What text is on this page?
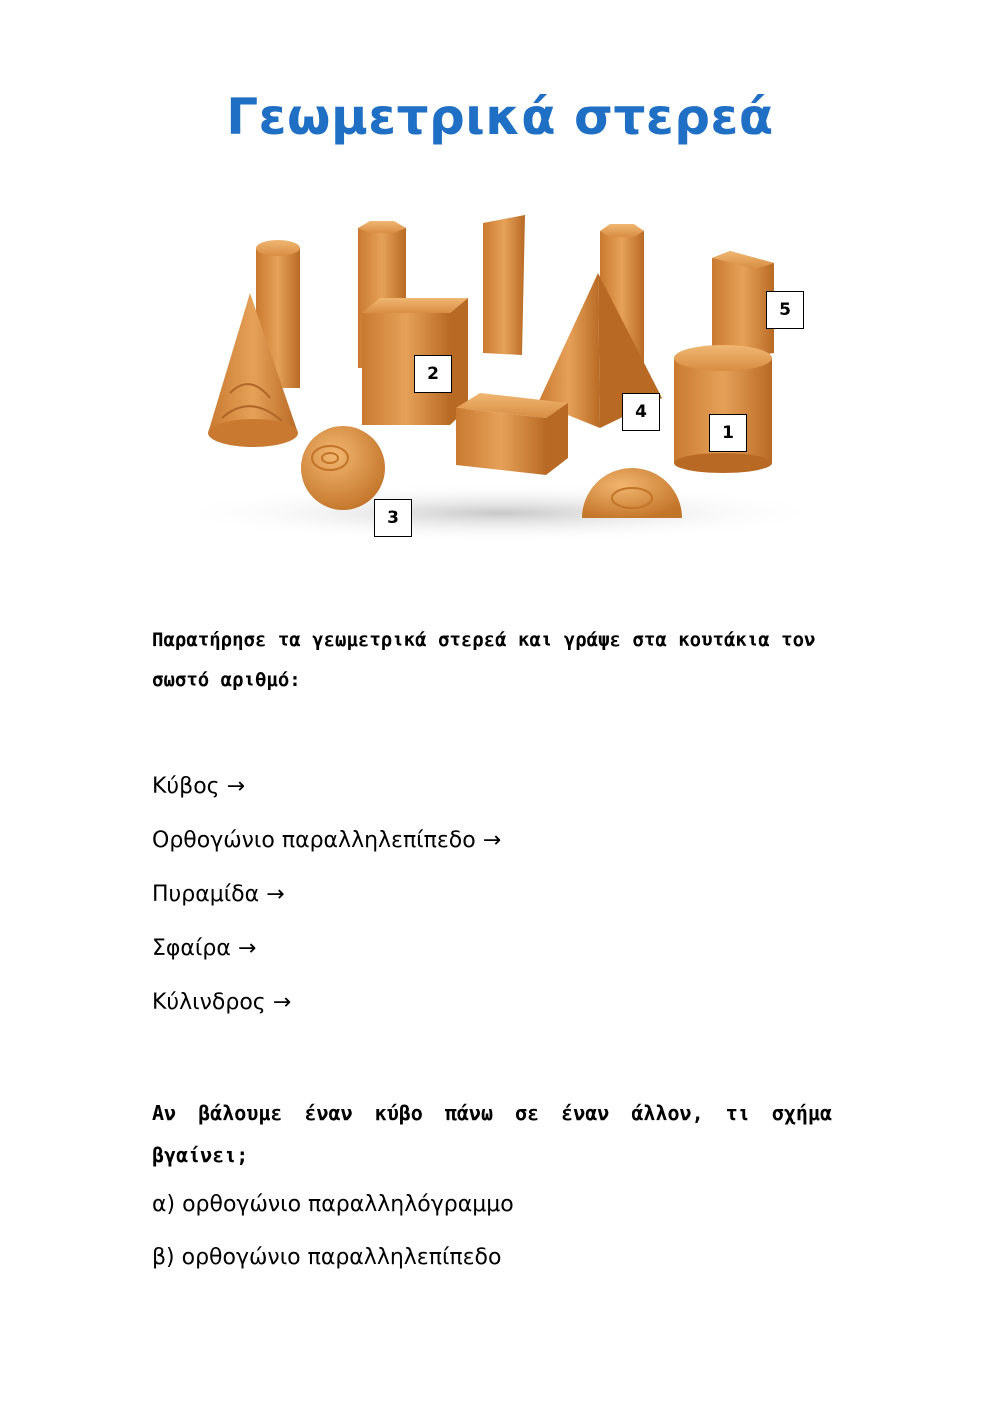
Γεωμετρικά στερεά
2
4
1
5
3
Παρατήρησε τα γεωμετρικά στερεά και γράψε στα κουτάκια τον σωστό αριθμό:
Κύβος →
Ορθογώνιο παραλληλεπίπεδο →
Πυραμίδα →
Σφαίρα →
Κύλινδρος →
Αν βάλουμε έναν κύβο πάνω σε έναν άλλον, τι σχήμα βγαίνει;
α) ορθογώνιο παραλληλόγραμμο
β) ορθογώνιο παραλληλεπίπεδο
